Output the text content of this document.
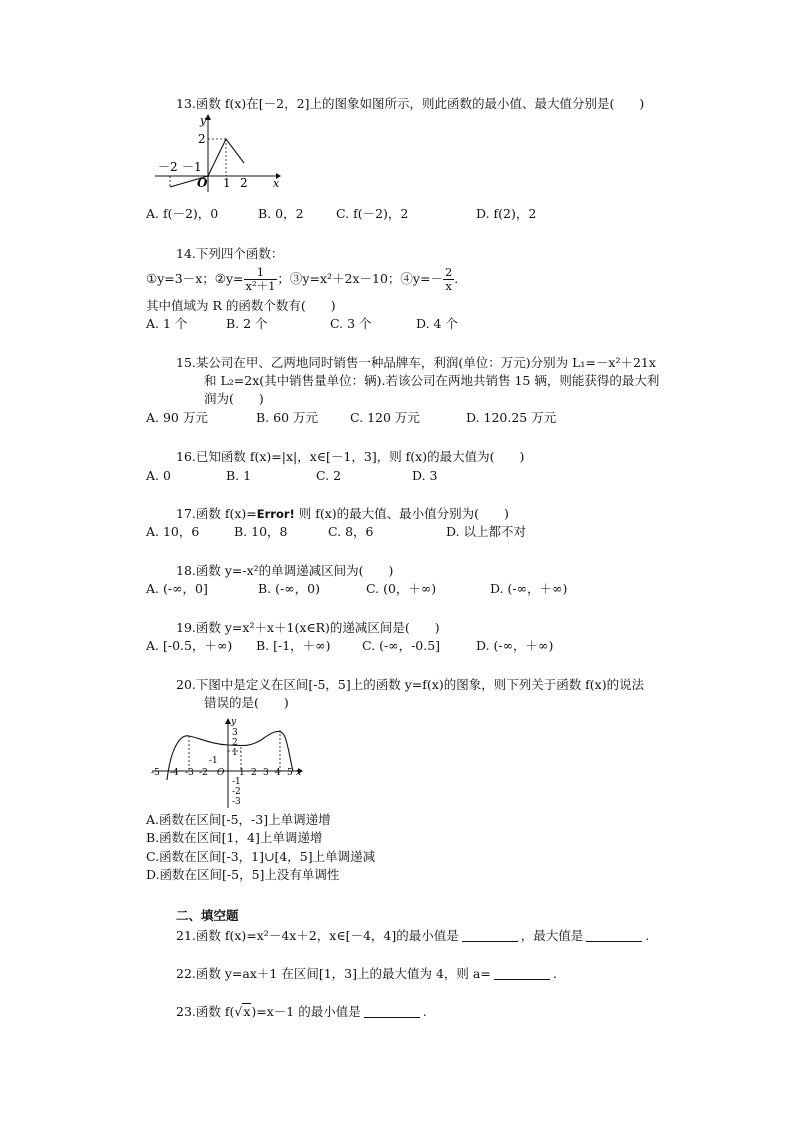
13.函数 f(x)在[－2，2]上的图象如图所示，则此函数的最小值、最大值分别是(　　)
y
x
2
－2 －1
O 1 2
A. f(－2)，0	B. 0，2	C. f(－2)，2	D. f(2)，2
14.下列四个函数：
①y=3－x；②y= $\frac{1}{\text{x²＋1}}$ ；③y=x²＋2x－10；④y=－ $\frac{2}{x}$ .
其中值域为 R 的函数个数有(　　)
A. 1 个	B. 2 个	C. 3 个	D. 4 个
15.某公司在甲、乙两地同时销售一种品牌车，利润(单位：万元)分别为 L₁=－x²＋21x
和 L₂=2x(其中销售量单位：辆).若该公司在两地共销售 15 辆，则能获得的最大利
润为(　　)
A. 90 万元	B. 60 万元	C. 120 万元	D. 120.25 万元
16.已知函数 f(x)=|x|，x∈[－1，3]，则 f(x)的最大值为(　　)
A. 0	B. 1	C. 2	D. 3
17.函数 f(x)=Error! 则 f(x)的最大值、最小值分别为(　　)
A. 10，6	B. 10，8	C. 8，6	D. 以上都不对
18.函数 y=-x²的单调递减区间为(　　)
A. (-∞，0]	B. (-∞，0)	C. (0，＋∞)	D. (-∞，＋∞)
19.函数 y=x²＋x＋1(x∈R)的递减区间是(　　)
A. [-0.5，＋∞) B. [-1，＋∞)	C. (-∞，-0.5]	D. (-∞，＋∞)
20.下图中是定义在区间[-5，5]上的函数 y=f(x)的图象，则下列关于函数 f(x)的说法
错误的是(　　)
y
x
3
2
1
-1
-1
-2
-3
-5 -4 -3 -2 O 1 2 3 4 5
A.函数在区间[-5，-3]上单调递增
B.函数在区间[1，4]上单调递增
C.函数在区间[-3，1]∪[4，5]上单调递减
D.函数在区间[-5，5]上没有单调性
二、填空题
21.函数 f(x)=x²－4x＋2，x∈[－4，4]的最小值是	，最大值是	.
22.函数 y=ax＋1 在区间[1，3]上的最大值为 4，则 a=	.
23.函数 f(√x)=x－1 的最小值是	.
